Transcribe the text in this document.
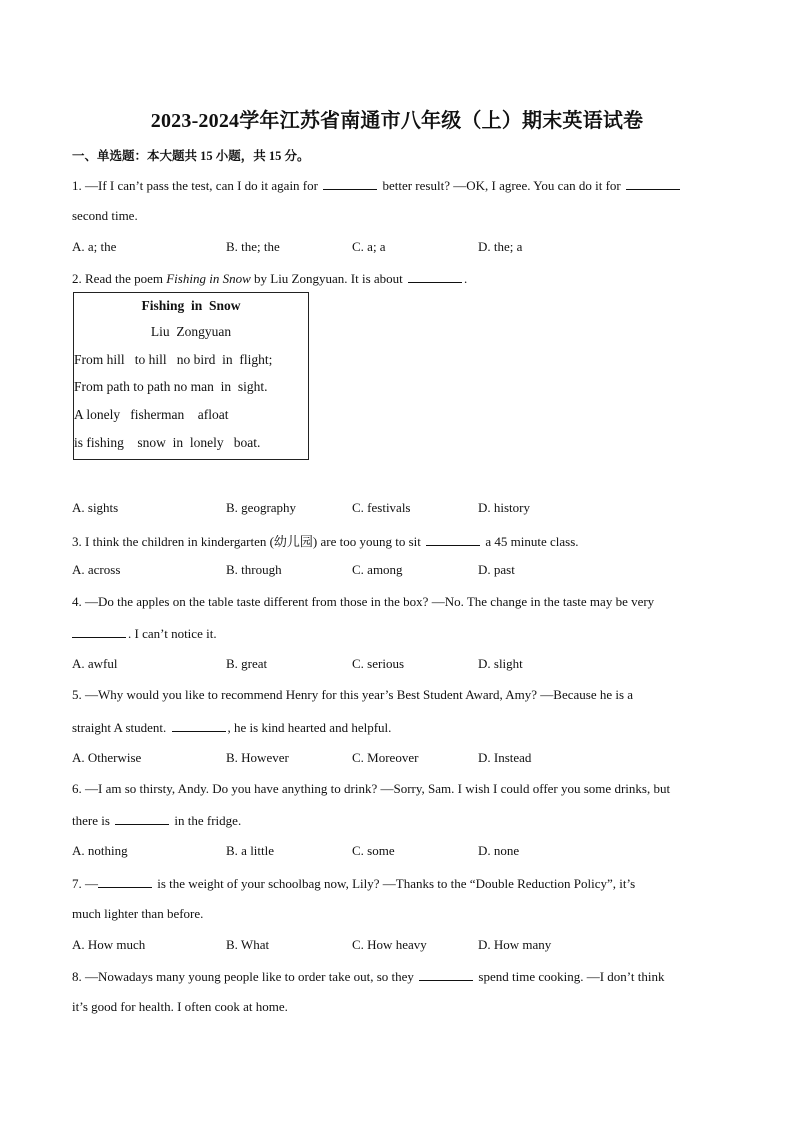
2023-2024学年江苏省南通市八年级（上）期末英语试卷
一、单选题：本大题共 15 小题，共 15 分。
1. —If I can’t pass the test, can I do it again for	better result? —OK, I agree. You can do it for
second time.
A. a; the	B. the; the	C. a; a	D. the; a
2. Read the poem Fishing in Snow by Liu Zongyuan. It is about	.
Fishing  in  Snow
Liu  Zongyuan
From hill   to hill   no bird  in  flight;
From path to path no man  in  sight.
A lonely   fisherman    afloat
is fishing    snow  in  lonely   boat.
A. sights	B. geography	C. festivals	D. history
3. I think the children in kindergarten (幼儿园) are too young to sit	a 45 minute class.
A. across	B. through	C. among	D. past
4. —Do the apples on the table taste different from those in the box? —No. The change in the taste may be very
. I can’t notice it.
A. awful	B. great	C. serious	D. slight
5. —Why would you like to recommend Henry for this year’s Best Student Award, Amy? —Because he is a
straight A student.	, he is kind hearted and helpful.
A. Otherwise	B. However	C. Moreover	D. Instead
6. —I am so thirsty, Andy. Do you have anything to drink? —Sorry, Sam. I wish I could offer you some drinks, but
there is	in the fridge.
A. nothing	B. a little	C. some	D. none
7. —	is the weight of your schoolbag now, Lily? —Thanks to the “Double Reduction Policy”, it’s
much lighter than before.
A. How much	B. What	C. How heavy	D. How many
8. —Nowadays many young people like to order take out, so they	spend time cooking. —I don’t think
it’s good for health. I often cook at home.
